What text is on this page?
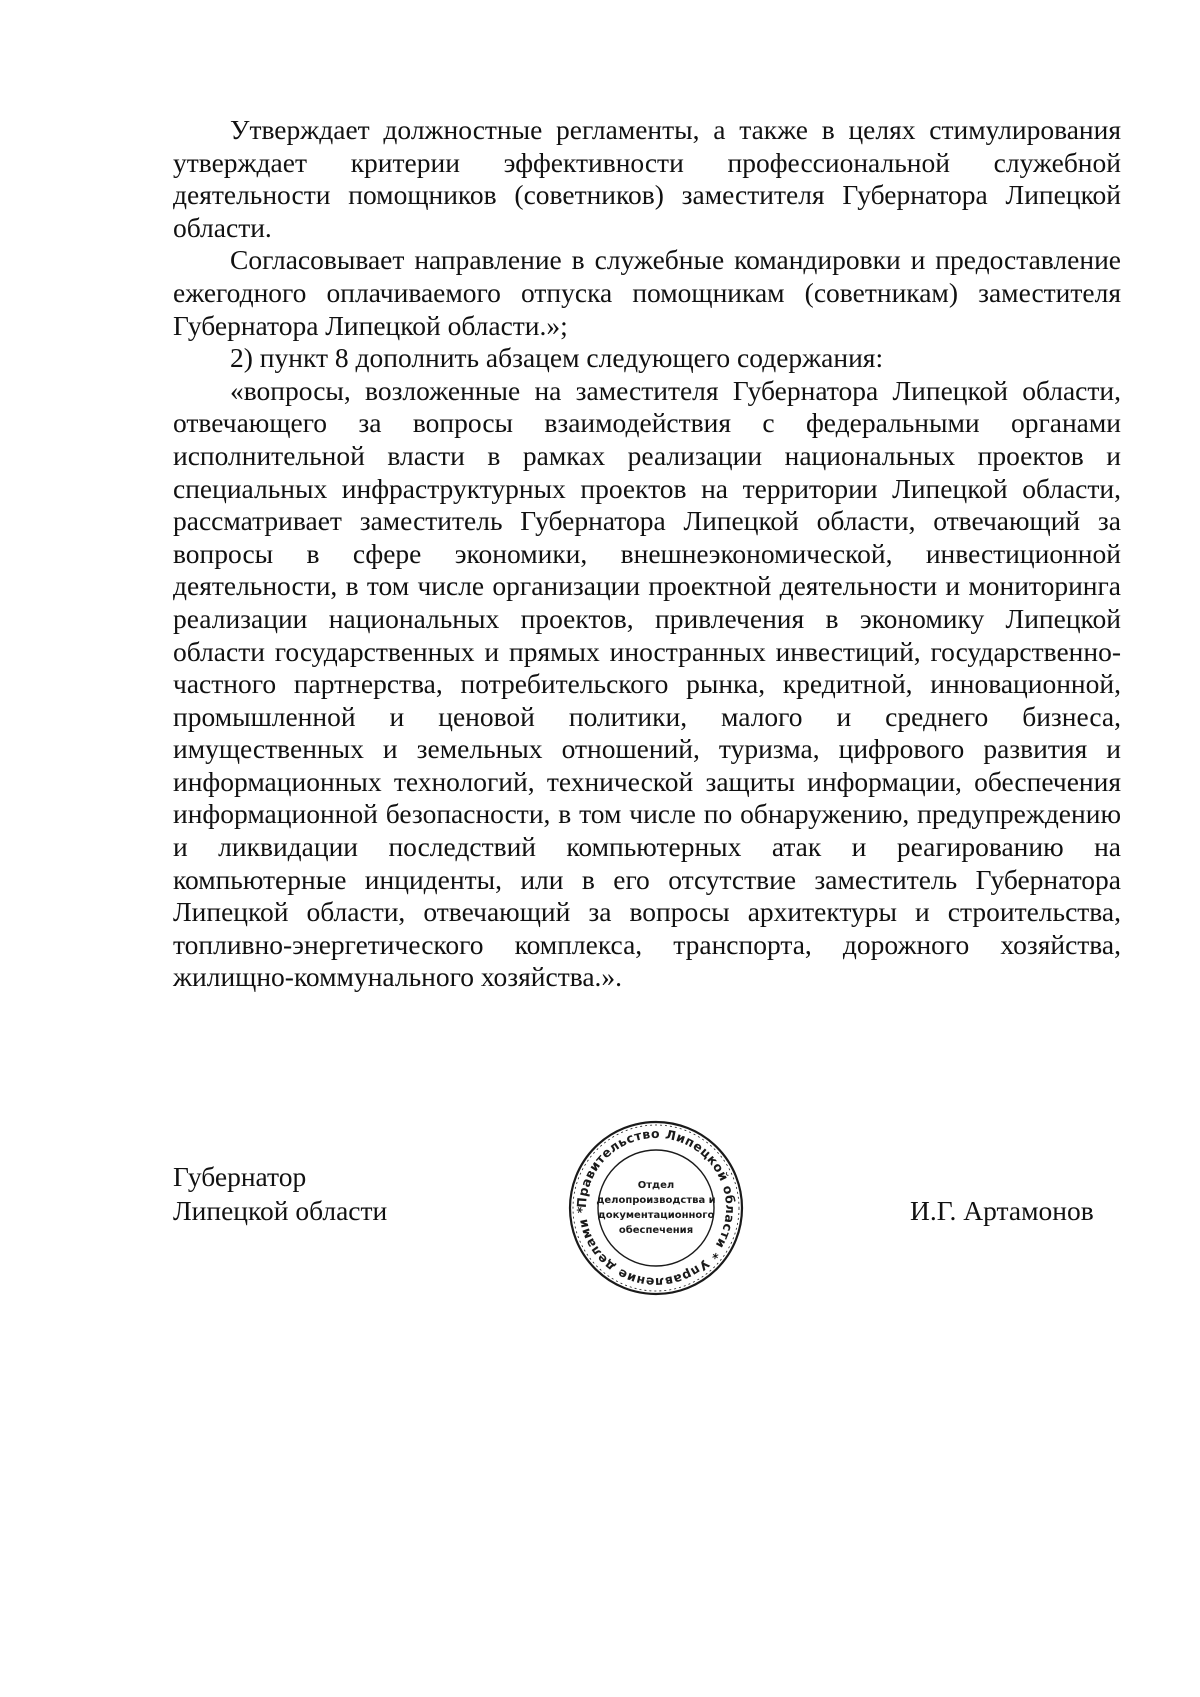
Утверждает должностные регламенты, а также в целях стимулирования утверждает критерии эффективности профессиональной служебной деятельности помощников (советников) заместителя Губернатора Липецкой области.

Согласовывает направление в служебные командировки и предоставление ежегодного оплачиваемого отпуска помощникам (советникам) заместителя Губернатора Липецкой области.»;

2) пункт 8 дополнить абзацем следующего содержания:

«вопросы, возложенные на заместителя Губернатора Липецкой области, отвечающего за вопросы взаимодействия с федеральными органами исполнительной власти в рамках реализации национальных проектов и специальных инфраструктурных проектов на территории Липецкой области, рассматривает заместитель Губернатора Липецкой области, отвечающий за вопросы в сфере экономики, внешнеэкономической, инвестиционной деятельности, в том числе организации проектной деятельности и мониторинга реализации национальных проектов, привлечения в экономику Липецкой области государственных и прямых иностранных инвестиций, государственно-частного партнерства, потребительского рынка, кредитной, инновационной, промышленной и ценовой политики, малого и среднего бизнеса, имущественных и земельных отношений, туризма, цифрового развития и информационных технологий, технической защиты информации, обеспечения информационной безопасности, в том числе по обнаружению, предупреждению и ликвидации последствий компьютерных атак и реагированию на компьютерные инциденты, или в его отсутствие заместитель Губернатора Липецкой области, отвечающий за вопросы архитектуры и строительства, топливно-энергетического комплекса, транспорта, дорожного хозяйства, жилищно-коммунального хозяйства.».

Губернатор
Липецкой области	Правительство Липецкой области * Управление делами *
Отдел
делопроизводства и
документационного
обеспечения
И.Г. Артамонов
